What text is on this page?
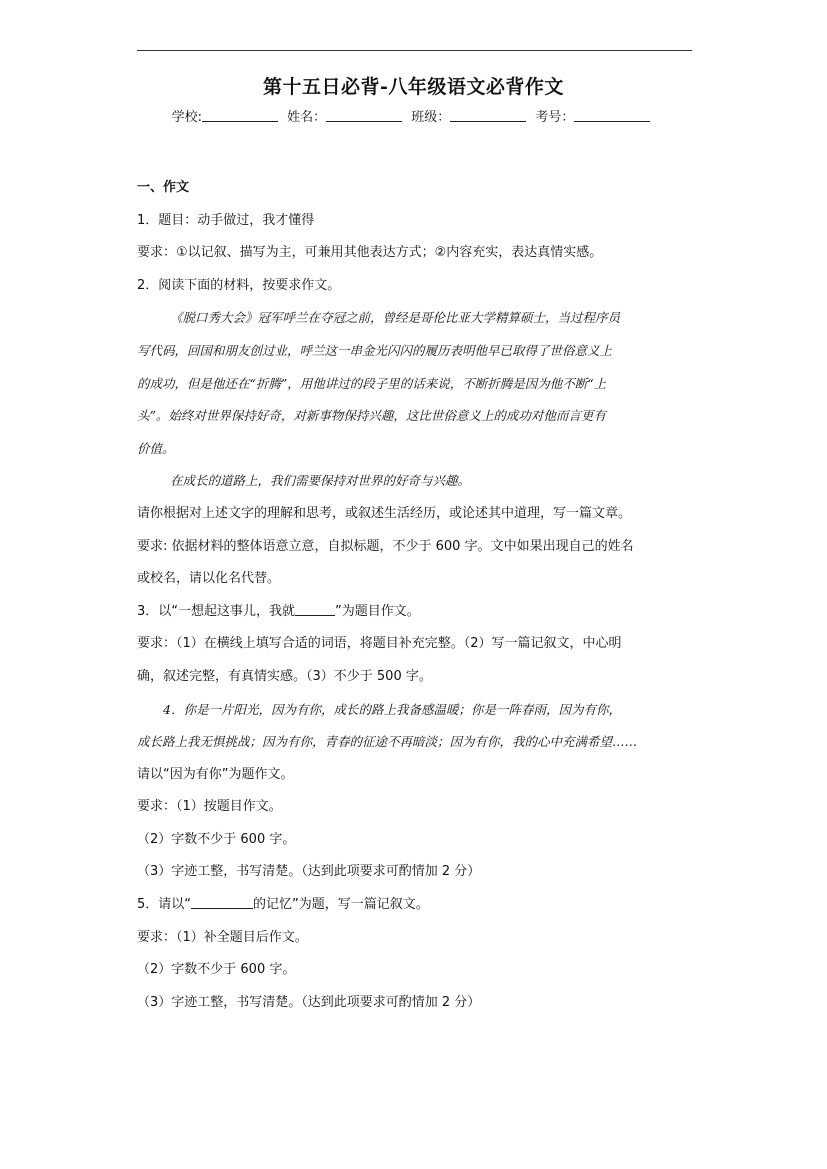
第十五日必背-八年级语文必背作文
学校:	姓名：	班级：	考号：

一、作文

1．题目：动手做过，我才懂得

要求：①以记叙、描写为主，可兼用其他表达方式；②内容充实，表达真情实感。

2．阅读下面的材料，按要求作文。

《脱口秀大会》冠军呼兰在夺冠之前，曾经是哥伦比亚大学精算硕士，当过程序员

写代码，回国和朋友创过业，呼兰这一串金光闪闪的履历表明他早已取得了世俗意义上

的成功，但是他还在“折腾”，用他讲过的段子里的话来说，不断折腾是因为他不断“上

头”。始终对世界保持好奇，对新事物保持兴趣，这比世俗意义上的成功对他而言更有

价值。

在成长的道路上，我们需要保持对世界的好奇与兴趣。

请你根据对上述文字的理解和思考，或叙述生活经历，或论述其中道理，写一篇文章。

要求: 依据材料的整体语意立意，自拟标题，不少于 600 字。文中如果出现自己的姓名

或校名，请以化名代替。

3．以“一想起这事儿，我就	”为题目作文。

要求：（1）在横线上填写合适的词语，将题目补充完整。（2）写一篇记叙文，中心明

确，叙述完整，有真情实感。（3）不少于 500 字。

4．你是一片阳光，因为有你，成长的路上我备感温暖；你是一阵春雨，因为有你，

成长路上我无惧挑战；因为有你，青春的征途不再暗淡；因为有你，我的心中充满希望……

请以“因为有你”为题作文。

要求：（1）按题目作文。

（2）字数不少于 600 字。

（3）字迹工整，书写清楚。（达到此项要求可酌情加 2 分）

5．请以“	的记忆”为题，写一篇记叙文。

要求：（1）补全题目后作文。

（2）字数不少于 600 字。

（3）字迹工整，书写清楚。（达到此项要求可酌情加 2 分）
